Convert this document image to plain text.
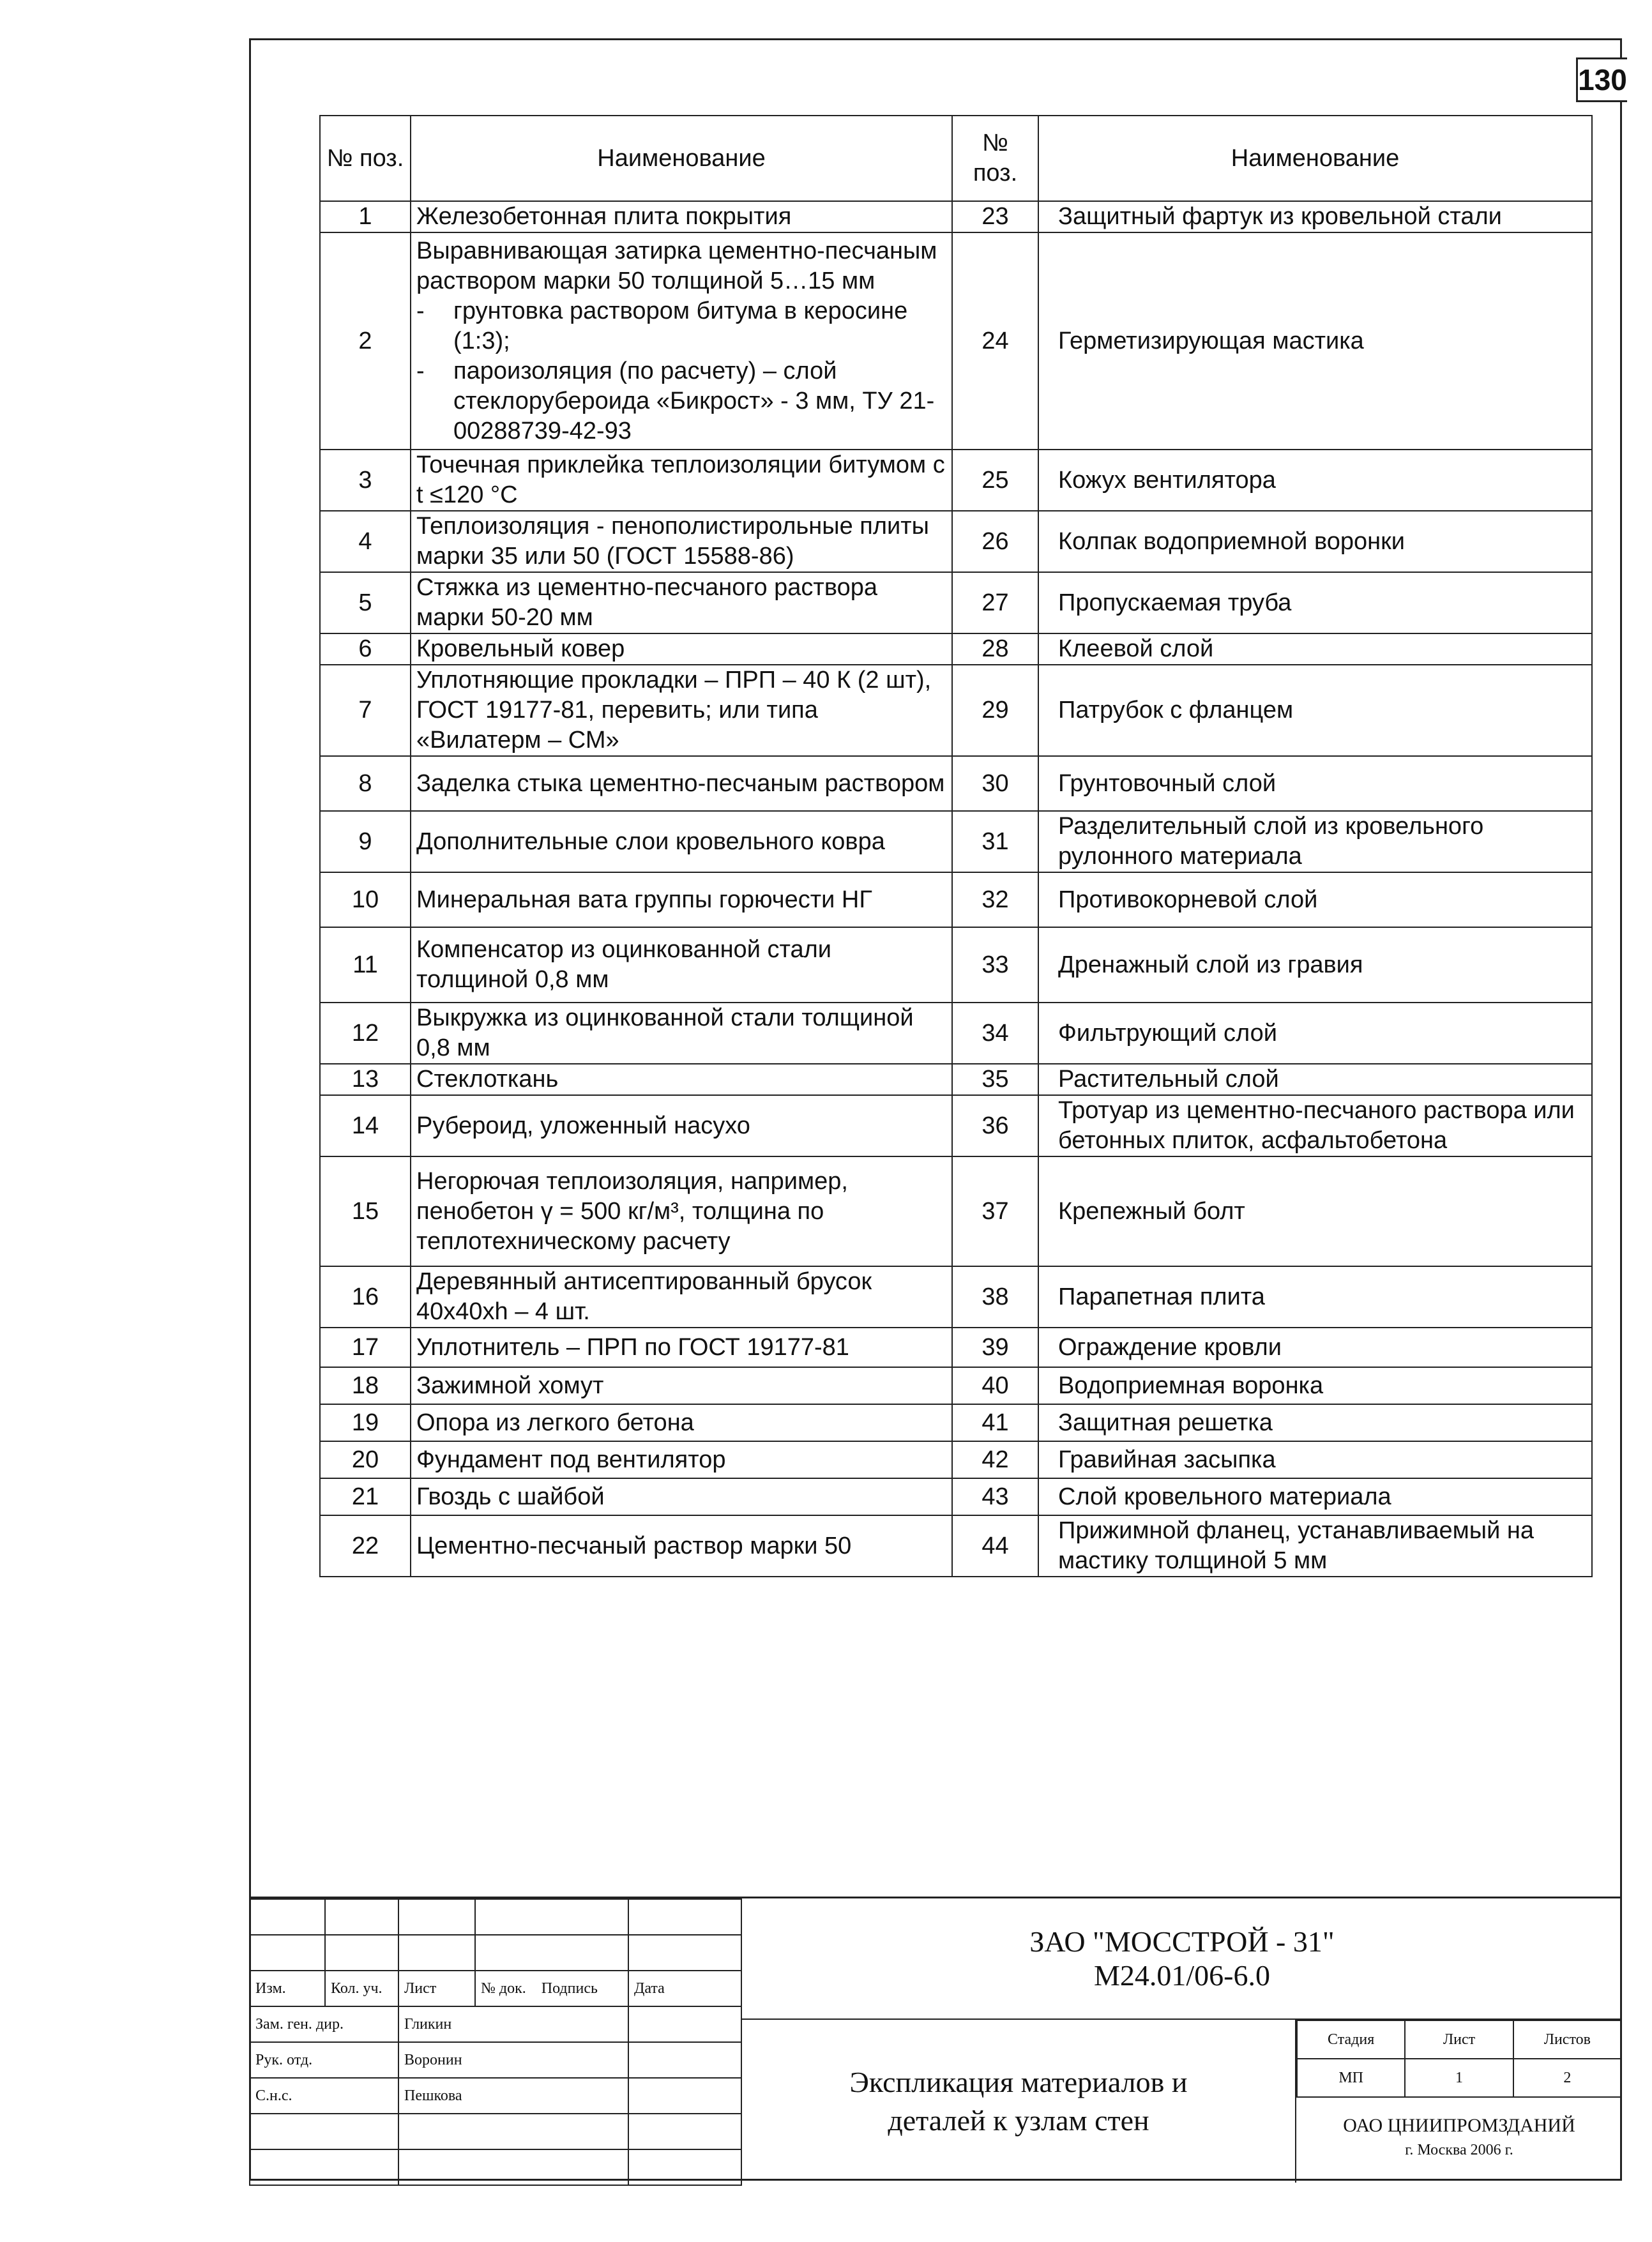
130
№ поз.	Наименование	№ поз.	Наименование
1	Железобетонная плита покрытия	23	Защитный фартук из кровельной стали
2	Выравнивающая затирка цементно-песчаным раствором марки 50 толщиной 5…15 мм
- грунтовка раствором битума в керосине (1:3);
- пароизоляция (по расчету) – слой стеклоруберoида «Бикрост» - 3 мм, ТУ 21-00288739-42-93	24	Герметизирующая мастика
3	Точечная приклейка теплоизоляции битумом с t ≤120 °С	25	Кожух вентилятора
4	Теплоизоляция - пенополистирольные плиты марки 35 или 50 (ГОСТ 15588-86)	26	Колпак водоприемной воронки
5	Стяжка из цементно-песчаного раствора марки 50-20 мм	27	Пропускаемая труба
6	Кровельный ковер	28	Клеевой слой
7	Уплотняющие прокладки – ПРП – 40 К (2 шт), ГОСТ 19177-81, перевить; или типа «Вилатерм – СМ»	29	Патрубок с фланцем
8	Заделка стыка цементно-песчаным раствором	30	Грунтовочный слой
9	Дополнительные слои кровельного ковра	31	Разделительный слой из кровельного рулонного материала
10	Минеральная вата группы горючести НГ	32	Противокорневой слой
11	Компенсатор из оцинкованной стали толщиной 0,8 мм	33	Дренажный слой из гравия
12	Выкружка из оцинкованной стали толщиной 0,8 мм	34	Фильтрующий слой
13	Стеклоткань	35	Растительный слой
14	Рубероид, уложенный насухо	36	Тротуар из цементно-песчаного раствора или бетонных плиток, асфальтобетона
15	Негорючая теплоизоляция, например, пенобетон γ = 500 кг/м³, толщина по теплотехническому расчету	37	Крепежный болт
16	Деревянный антисептированный брусок 40х40хh – 4 шт.	38	Парапетная плита
17	Уплотнитель – ПРП по ГОСТ 19177-81	39	Ограждение кровли
18	Зажимной хомут	40	Водоприемная воронка
19	Опора из легкого бетона	41	Защитная решетка
20	Фундамент под вентилятор	42	Гравийная засыпка
21	Гвоздь с шайбой	43	Слой кровельного материала
22	Цементно-песчаный раствор марки 50	44	Прижимной фланец, устанавливаемый на мастику толщиной 5 мм

Изм.	Кол. уч.	Лист	№ док. Подпись	Дата
Зам. ген. дир.		Гликин		
Рук. отд.		Воронин		
С.н.с.		Пешкова		

ЗАО "МОССТРОЙ - 31"
М24.01/06-6.0
Экспликация материалов и
деталей к узлам стен
Стадия	Лист	Листов
МП	1	2
ОАО ЦНИИПРОМЗДАНИЙ
г. Москва 2006 г.
